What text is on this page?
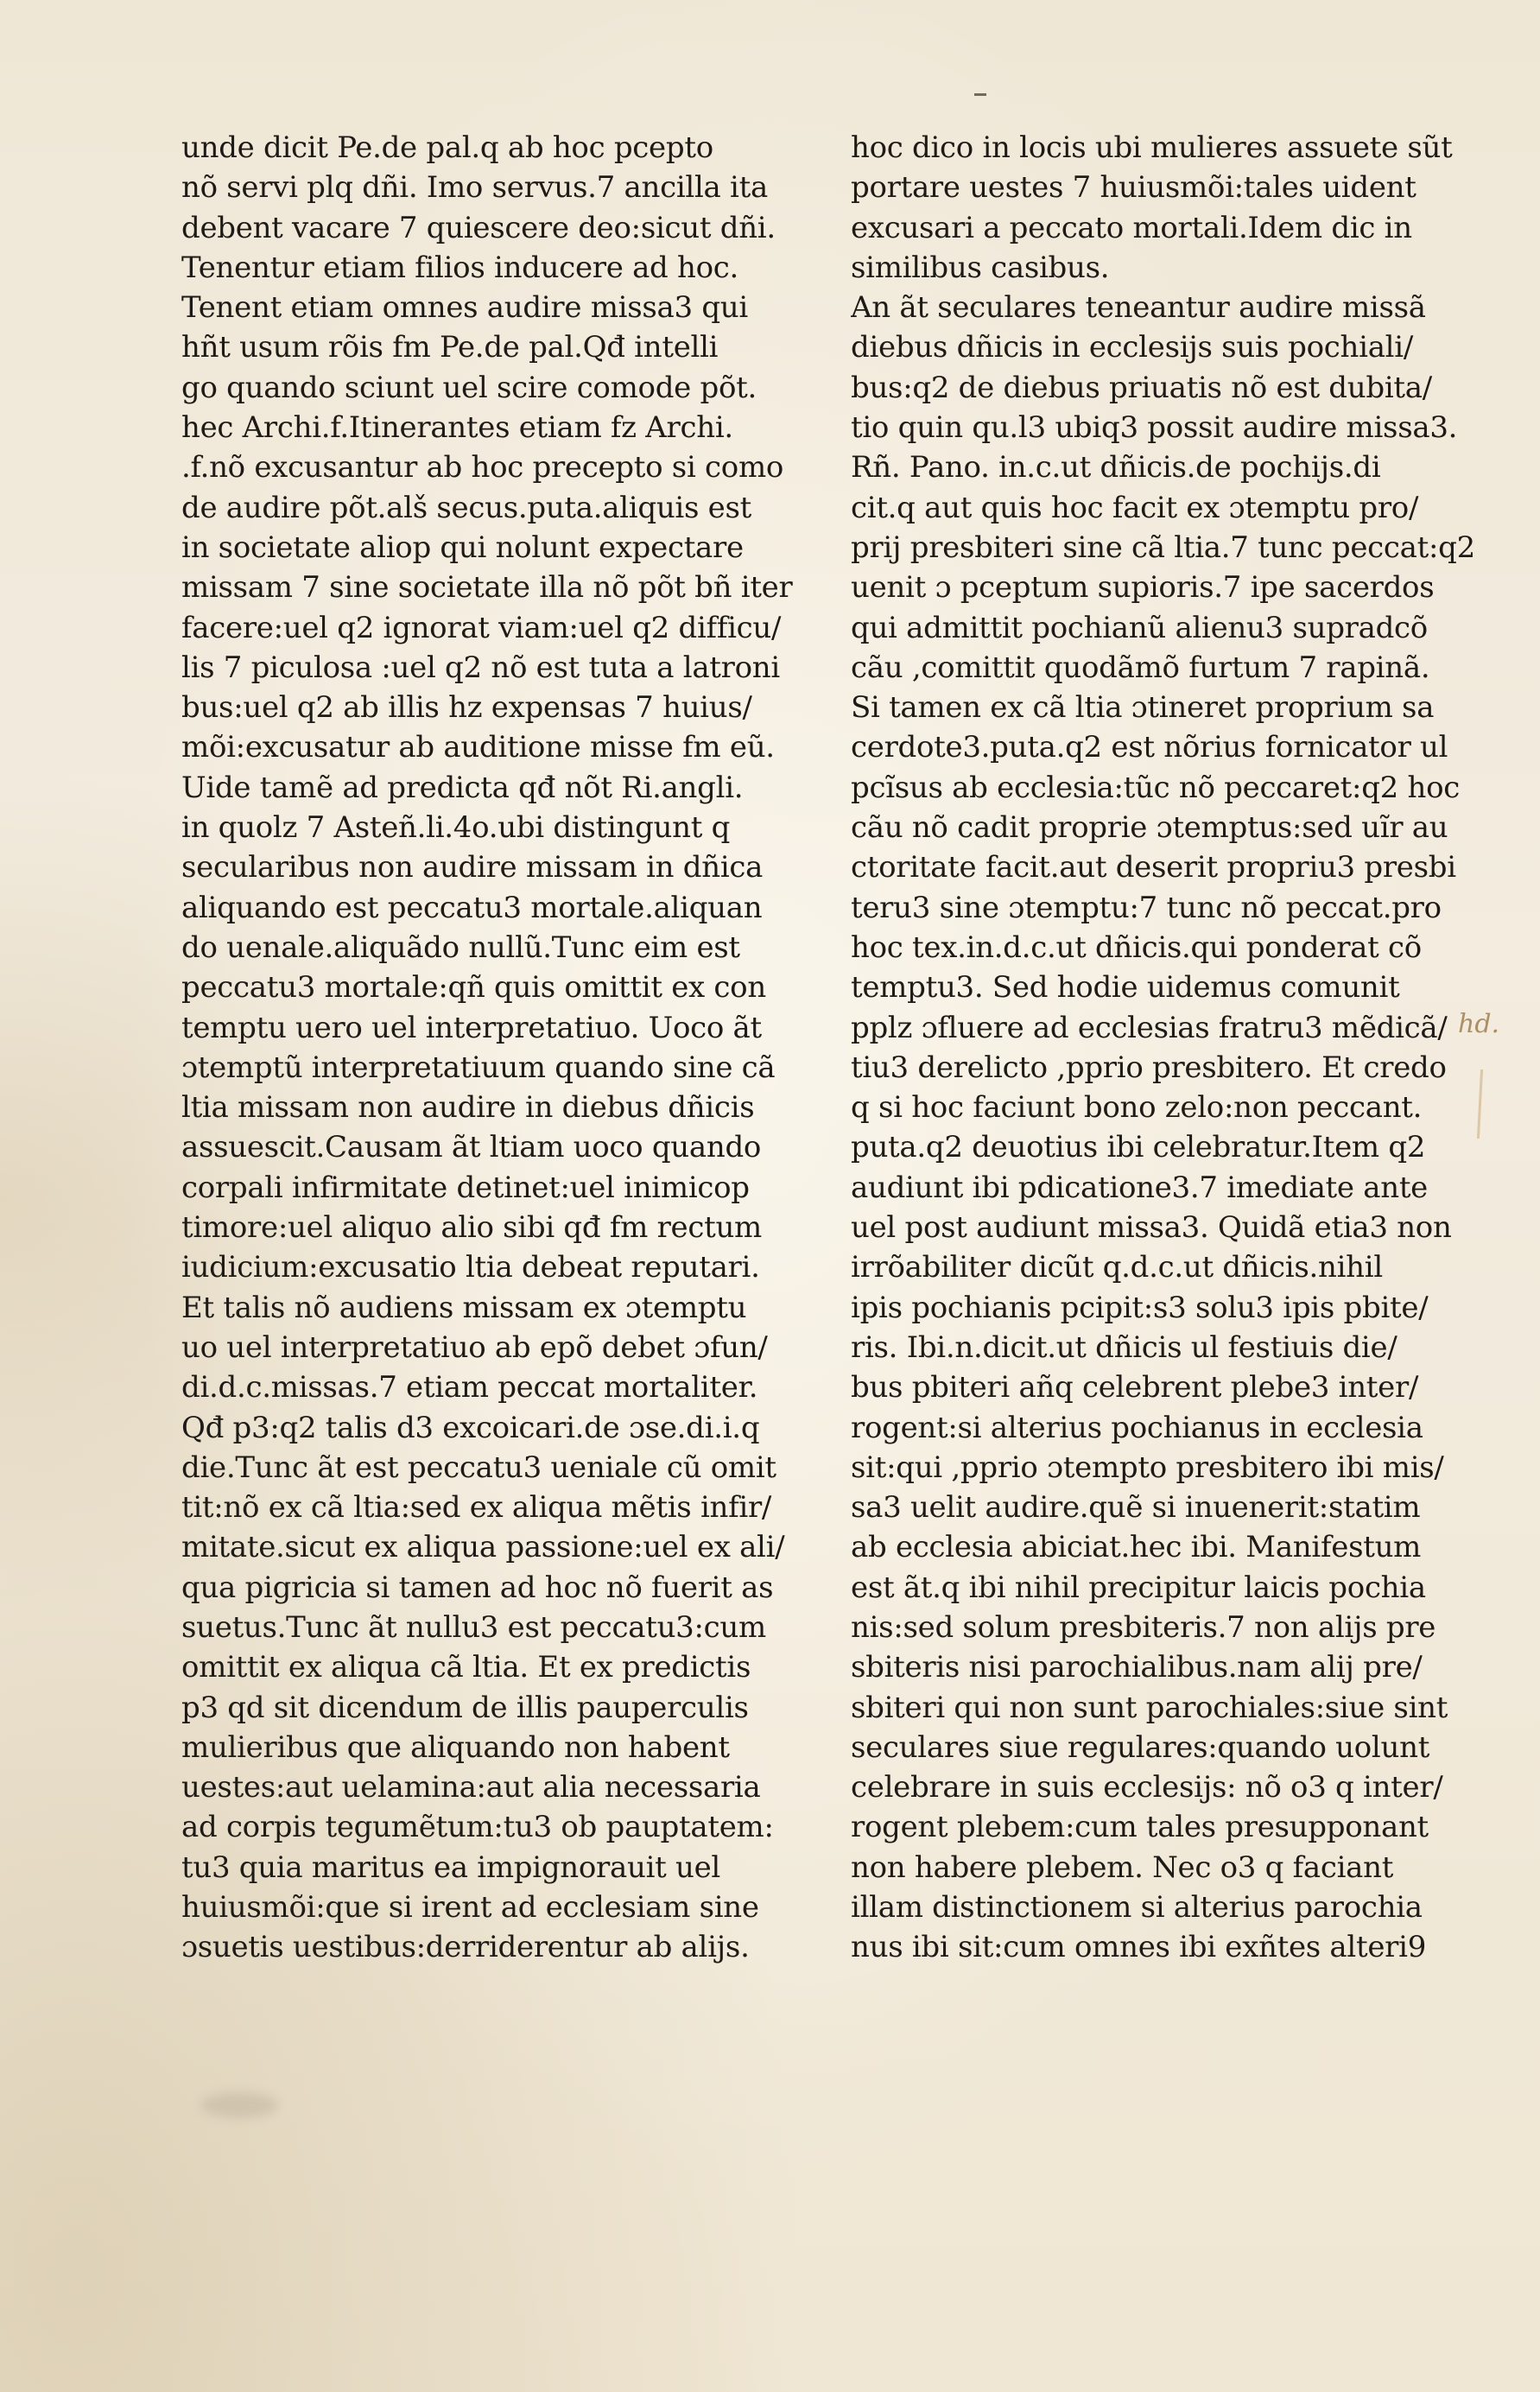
unde dicit Pe.de pal.q ab hoc pcepto
nõ servi plq dñi. Imo servus.7 ancilla ita
debent vacare 7 quiescere deo:sicut dñi.
Tenentur etiam filios inducere ad hoc.
Tenent etiam omnes audire missa3 qui
hñt usum rõis fm Pe.de pal.Qđ intelli
go quando sciunt uel scire comode põt.
hec Archi.f.Itinerantes etiam fz Archi.
.f.nõ excusantur ab hoc precepto si como
de audire põt.alš secus.puta.aliquis est
in societate aliop qui nolunt expectare
missam 7 sine societate illa nõ põt bñ iter
facere:uel q2 ignorat viam:uel q2 difficu/
lis 7 piculosa :uel q2 nõ est tuta a latroni
bus:uel q2 ab illis hz expensas 7 huius/
mõi:excusatur ab auditione misse fm eũ.
Uide tamẽ ad predicta qđ nõt Ri.angli.
in quolz 7 Asteñ.li.4o.ubi distingunt q
secularibus non audire missam in dñica
aliquando est peccatu3 mortale.aliquan
do uenale.aliquãdo nullũ.Tunc eim est
peccatu3 mortale:qñ quis omittit ex con
temptu uero uel interpretatiuo. Uoco ãt
ɔtemptũ interpretatiuum quando sine cã
ltia missam non audire in diebus dñicis
assuescit.Causam ãt ltiam uoco quando
corpali infirmitate detinet:uel inimicop
timore:uel aliquo alio sibi qđ fm rectum
iudicium:excusatio ltia debeat reputari.
Et talis nõ audiens missam ex ɔtemptu
uo uel interpretatiuo ab epõ debet ɔfun/
di.d.c.missas.7 etiam peccat mortaliter.
Qđ p3:q2 talis d3 excoicari.de ɔse.di.i.q
die.Tunc ãt est peccatu3 ueniale cũ omit
tit:nõ ex cã ltia:sed ex aliqua mẽtis infir/
mitate.sicut ex aliqua passione:uel ex ali/
qua pigricia si tamen ad hoc nõ fuerit as
suetus.Tunc ãt nullu3 est peccatu3:cum
omittit ex aliqua cã ltia. Et ex predictis
p3 qd sit dicendum de illis pauperculis
mulieribus que aliquando non habent
uestes:aut uelamina:aut alia necessaria
ad corpis tegumẽtum:tu3 ob pauptatem:
tu3 quia maritus ea impignorauit uel
huiusmõi:que si irent ad ecclesiam sine
ɔsuetis uestibus:derriderentur ab alijs.
hoc dico in locis ubi mulieres assuete sũt
portare uestes 7 huiusmõi:tales uident
excusari a peccato mortali.Idem dic in
similibus casibus.
An ãt seculares teneantur audire missã
diebus dñicis in ecclesijs suis pochiali/
bus:q2 de diebus priuatis nõ est dubita/
tio quin qu.l3 ubiq3 possit audire missa3.
Rñ. Pano. in.c.ut dñicis.de pochijs.di
cit.q aut quis hoc facit ex ɔtemptu pro/
prij presbiteri sine cã ltia.7 tunc peccat:q2
uenit ɔ pceptum supioris.7 ipe sacerdos
qui admittit pochianũ alienu3 supradcõ
cãu ,comittit quodãmõ furtum 7 rapinã.
Si tamen ex cã ltia ɔtineret proprium sa
cerdote3.puta.q2 est nõrius fornicator ul
pcĩsus ab ecclesia:tũc nõ peccaret:q2 hoc
cãu nõ cadit proprie ɔtemptus:sed uĩr au
ctoritate facit.aut deserit propriu3 presbi
teru3 sine ɔtemptu:7 tunc nõ peccat.pro
hoc tex.in.d.c.ut dñicis.qui ponderat cõ
temptu3. Sed hodie uidemus comunit
pplz ɔfluere ad ecclesias fratru3 mẽdicã/
tiu3 derelicto ,pprio presbitero. Et credo
q si hoc faciunt bono zelo:non peccant.
puta.q2 deuotius ibi celebratur.Item q2
audiunt ibi pdicatione3.7 imediate ante
uel post audiunt missa3. Quidã etia3 non
irrõabiliter dicũt q.d.c.ut dñicis.nihil
ipis pochianis pcipit:s3 solu3 ipis pbite/
ris. Ibi.n.dicit.ut dñicis ul festiuis die/
bus pbiteri añq celebrent plebe3 inter/
rogent:si alterius pochianus in ecclesia
sit:qui ,pprio ɔtempto presbitero ibi mis/
sa3 uelit audire.quẽ si inuenerit:statim
ab ecclesia abiciat.hec ibi. Manifestum
est ãt.q ibi nihil precipitur laicis pochia
nis:sed solum presbiteris.7 non alijs pre
sbiteris nisi parochialibus.nam alij pre/
sbiteri qui non sunt parochiales:siue sint
seculares siue regulares:quando uolunt
celebrare in suis ecclesijs: nõ o3 q inter/
rogent plebem:cum tales presupponant
non habere plebem. Nec o3 q faciant
illam distinctionem si alterius parochia
nus ibi sit:cum omnes ibi exñtes alteri9
hd.
